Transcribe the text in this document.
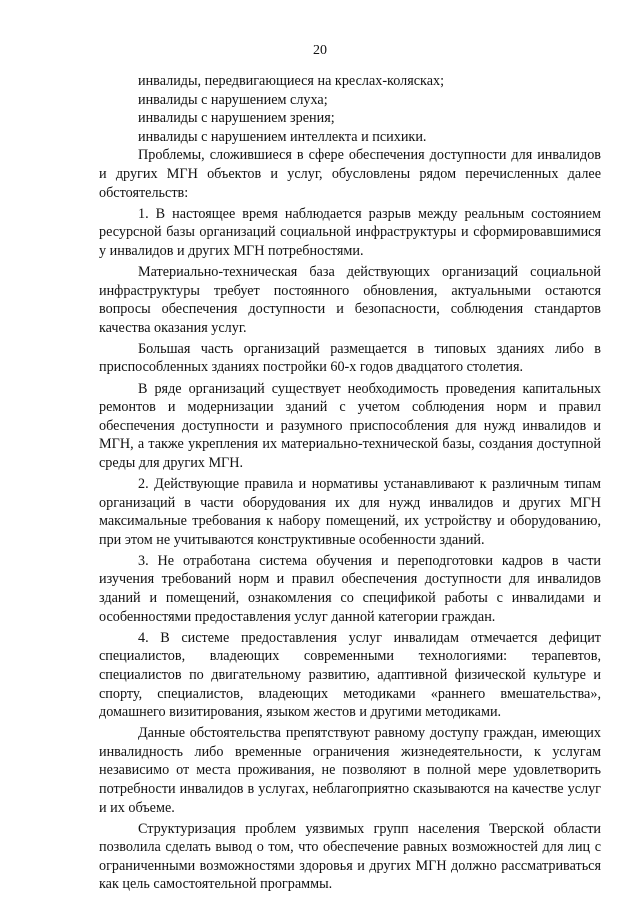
20

инвалиды, передвигающиеся на креслах-колясках;

инвалиды с нарушением слуха;

инвалиды с нарушением зрения;

инвалиды с нарушением интеллекта и психики.

Проблемы, сложившиеся в сфере обеспечения доступности для инвалидов и других МГН объектов и услуг, обусловлены рядом перечисленных далее обстоятельств:

1. В настоящее время наблюдается разрыв между реальным состоянием ресурсной базы организаций социальной инфраструктуры и сформировавшимися у инвалидов и других МГН потребностями.

Материально-техническая база действующих организаций социальной инфраструктуры требует постоянного обновления, актуальными остаются вопросы обеспечения доступности и безопасности, соблюдения стандартов качества оказания услуг.

Большая часть организаций размещается в типовых зданиях либо в приспособленных зданиях постройки 60-х годов двадцатого столетия.

В ряде организаций существует необходимость проведения капитальных ремонтов и модернизации зданий с учетом соблюдения норм и правил обеспечения доступности и разумного приспособления для нужд инвалидов и МГН, а также укрепления их материально-технической базы, создания доступной среды для других МГН.

2. Действующие правила и нормативы устанавливают к различным типам организаций в части оборудования их для нужд инвалидов и других МГН максимальные требования к набору помещений, их устройству и оборудованию, при этом не учитываются конструктивные особенности зданий.

3. Не отработана система обучения и переподготовки кадров в части изучения требований норм и правил обеспечения доступности для инвалидов зданий и помещений, ознакомления со спецификой работы с инвалидами и особенностями предоставления услуг данной категории граждан.

4. В системе предоставления услуг инвалидам отмечается дефицит специалистов, владеющих современными технологиями: терапевтов, специалистов по двигательному развитию, адаптивной физической культуре и спорту, специалистов, владеющих методиками «раннего вмешательства», домашнего визитирования, языком жестов и другими методиками.

Данные обстоятельства препятствуют равному доступу граждан, имеющих инвалидность либо временные ограничения жизнедеятельности, к услугам независимо от места проживания, не позволяют в полной мере удовлетворить потребности инвалидов в услугах, неблагоприятно сказываются на качестве услуг и их объеме.

Структуризация проблем уязвимых групп населения Тверской области позволила сделать вывод о том, что обеспечение равных возможностей для лиц с ограниченными возможностями здоровья и других МГН должно рассматриваться как цель самостоятельной программы.
